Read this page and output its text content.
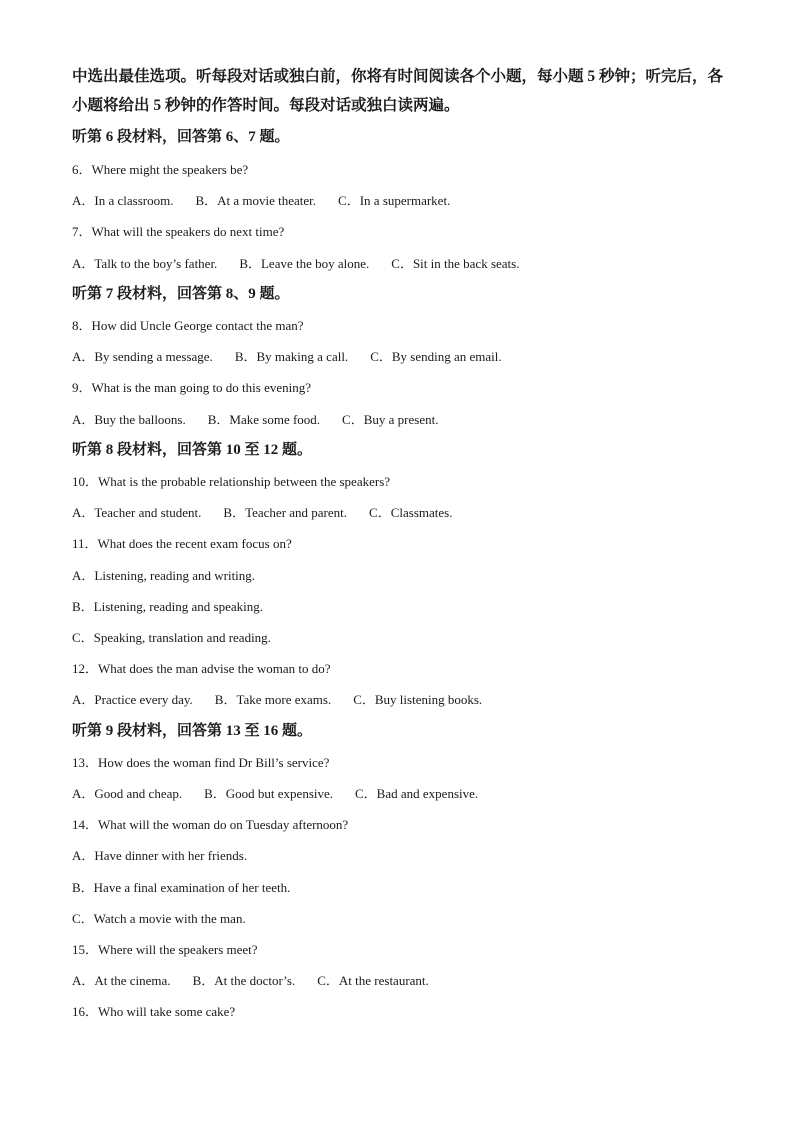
中选出最佳选项。听每段对话或独白前，你将有时间阅读各个小题，每小题 5 秒钟；听完后，各小题将给出 5 秒钟的作答时间。每段对话或独白读两遍。
听第 6 段材料，回答第 6、7 题。
6．Where might the speakers be?
A．In a classroom. B．At a movie theater. C．In a supermarket.
7．What will the speakers do next time?
A．Talk to the boy’s father. B．Leave the boy alone. C．Sit in the back seats.
听第 7 段材料，回答第 8、9 题。
8．How did Uncle George contact the man?
A．By sending a message. B．By making a call. C．By sending an email.
9．What is the man going to do this evening?
A．Buy the balloons. B．Make some food. C．Buy a present.
听第 8 段材料，回答第 10 至 12 题。
10．What is the probable relationship between the speakers?
A．Teacher and student. B．Teacher and parent. C．Classmates.
11．What does the recent exam focus on?
A．Listening, reading and writing.
B．Listening, reading and speaking.
C．Speaking, translation and reading.
12．What does the man advise the woman to do?
A．Practice every day. B．Take more exams. C．Buy listening books.
听第 9 段材料，回答第 13 至 16 题。
13．How does the woman find Dr Bill’s service?
A．Good and cheap. B．Good but expensive. C．Bad and expensive.
14．What will the woman do on Tuesday afternoon?
A．Have dinner with her friends.
B．Have a final examination of her teeth.
C．Watch a movie with the man.
15．Where will the speakers meet?
A．At the cinema. B．At the doctor’s. C．At the restaurant.
16．Who will take some cake?
